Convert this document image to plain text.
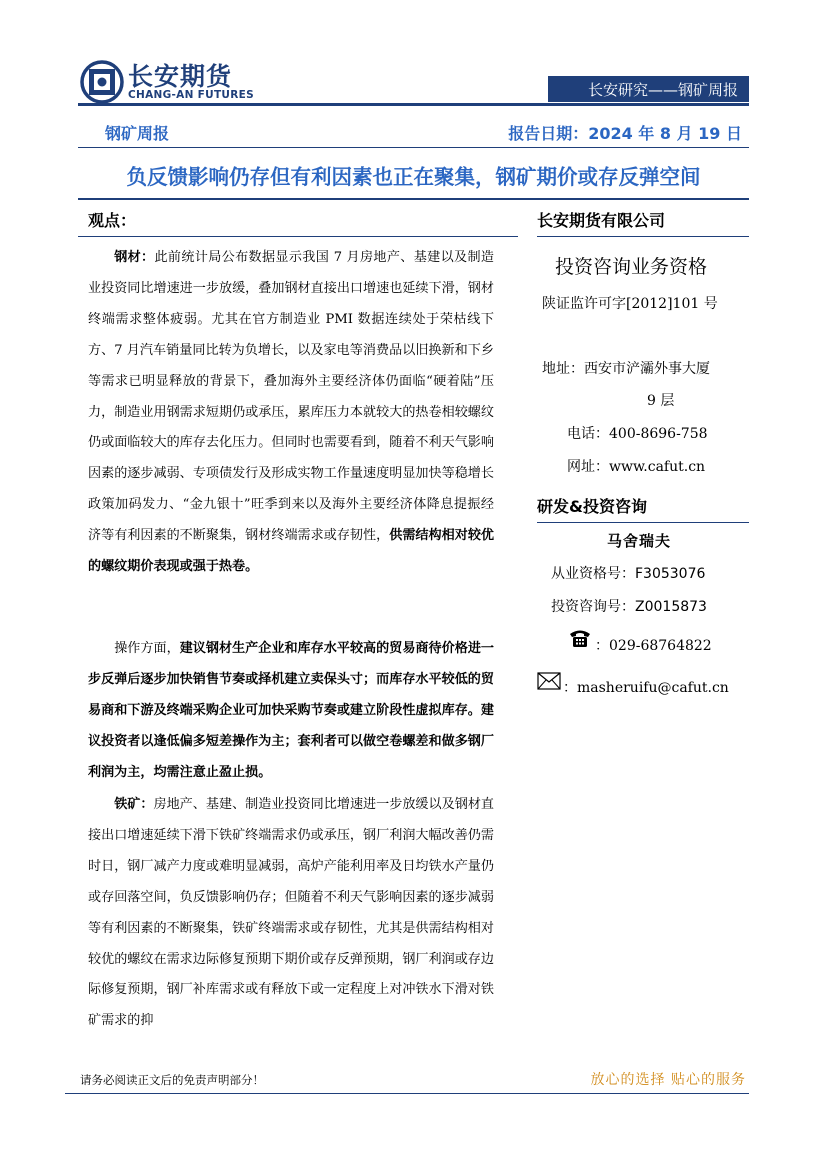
长安期货
CHANG-AN FUTURES	长安研究——钢矿周报
钢矿周报	报告日期：2024 年 8 月 19 日
负反馈影响仍存但有利因素也正在聚集，钢矿期价或存反弹空间
观点：

钢材：此前统计局公布数据显示我国 7 月房地产、基建以及制造业投资同比增速进一步放缓，叠加钢材直接出口增速也延续下滑，钢材终端需求整体疲弱。尤其在官方制造业 PMI 数据连续处于荣枯线下方、7 月汽车销量同比转为负增长，以及家电等消费品以旧换新和下乡等需求已明显释放的背景下，叠加海外主要经济体仍面临“硬着陆”压力，制造业用钢需求短期仍或承压，累库压力本就较大的热卷相较螺纹仍或面临较大的库存去化压力。但同时也需要看到，随着不利天气影响因素的逐步减弱、专项债发行及形成实物工作量速度明显加快等稳增长政策加码发力、“金九银十”旺季到来以及海外主要经济体降息提振经济等有利因素的不断聚集，钢材终端需求或存韧性，供需结构相对较优的螺纹期价表现或强于热卷。

操作方面，建议钢材生产企业和库存水平较高的贸易商待价格进一步反弹后逐步加快销售节奏或择机建立卖保头寸；而库存水平较低的贸易商和下游及终端采购企业可加快采购节奏或建立阶段性虚拟库存。建议投资者以逢低偏多短差操作为主；套利者可以做空卷螺差和做多钢厂利润为主，均需注意止盈止损。

铁矿：房地产、基建、制造业投资同比增速进一步放缓以及钢材直接出口增速延续下滑下铁矿终端需求仍或承压，钢厂利润大幅改善仍需时日，钢厂减产力度或难明显减弱，高炉产能利用率及日均铁水产量仍或存回落空间，负反馈影响仍存；但随着不利天气影响因素的逐步减弱等有利因素的不断聚集，铁矿终端需求或存韧性，尤其是供需结构相对较优的螺纹在需求边际修复预期下期价或存反弹预期，钢厂利润或存边际修复预期，钢厂补库需求或有释放下或一定程度上对冲铁水下滑对铁矿需求的抑

长安期货有限公司
投资咨询业务资格
陕证监许可字[2012]101 号
地址：西安市浐灞外事大厦
9 层
电话：400-8696-758
网址：www.cafut.cn
研发&投资咨询
马舍瑞夫
从业资格号：F3053076
投资咨询号：Z0015873
：029-68764822
：masheruifu@cafut.cn
请务必阅读正文后的免责声明部分！	放心的选择 贴心的服务
